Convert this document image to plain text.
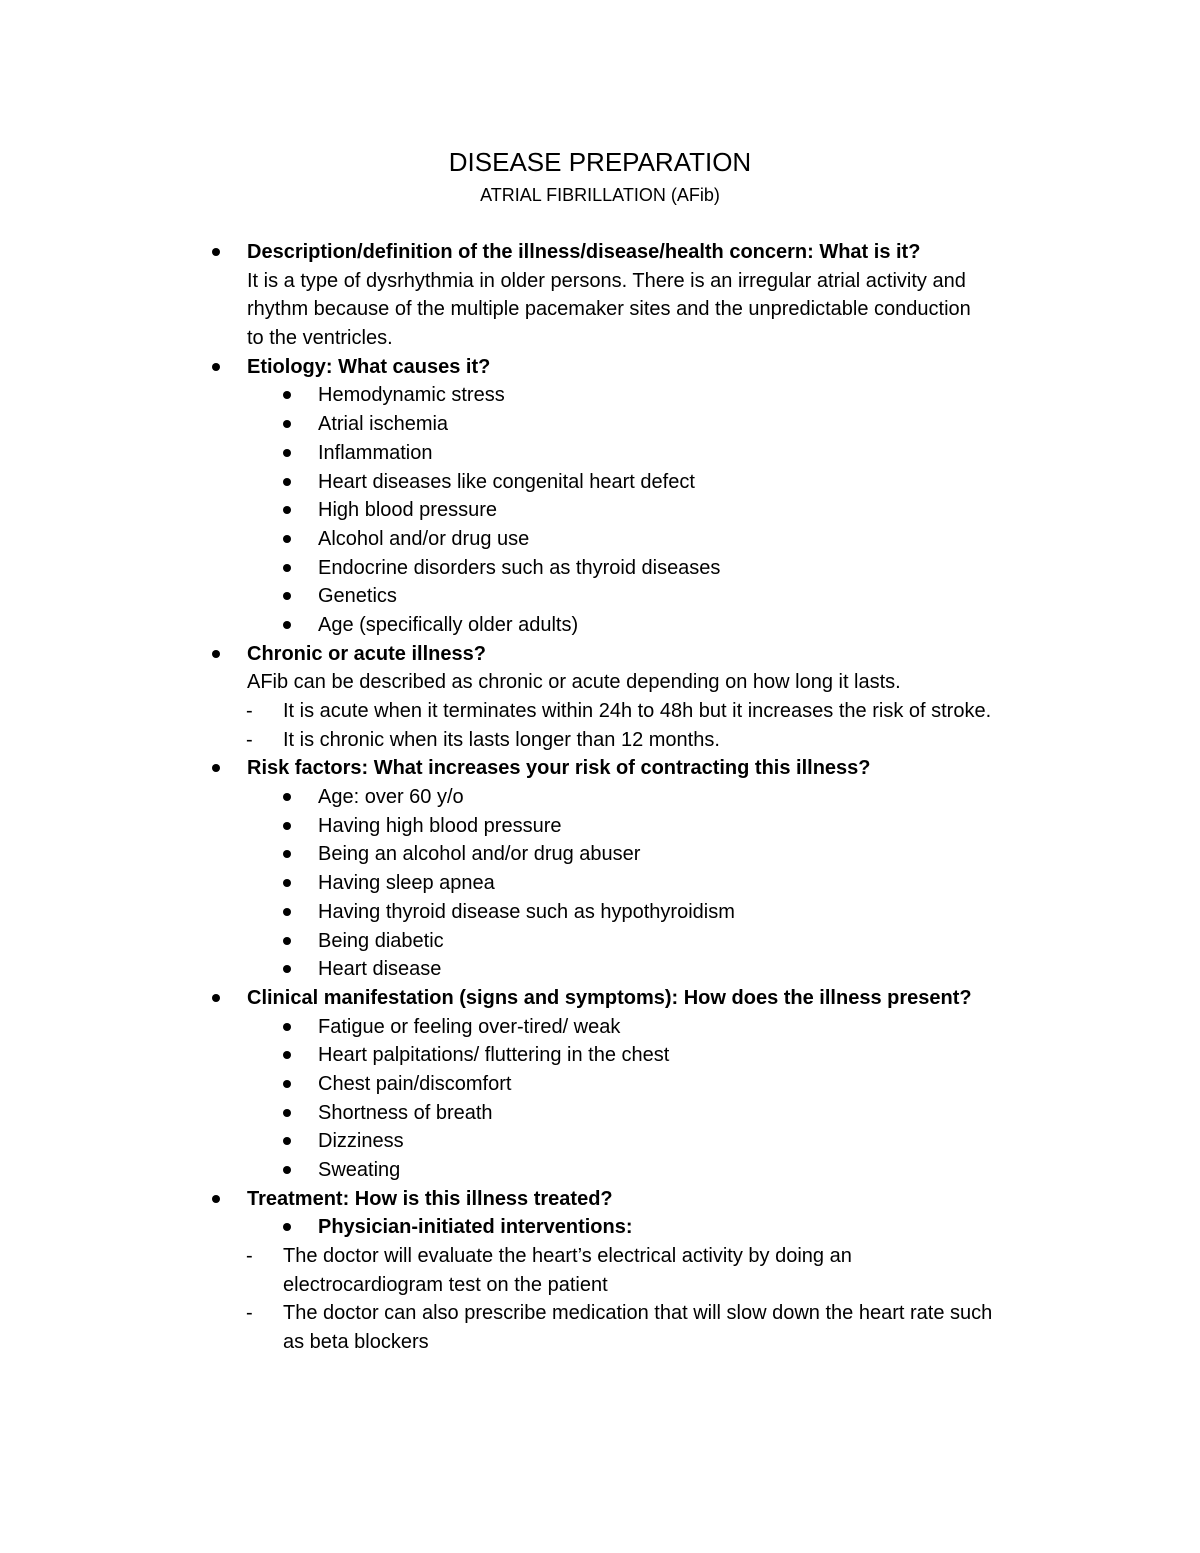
DISEASE PREPARATION
ATRIAL FIBRILLATION (AFib)
Description/definition of the illness/disease/health concern: What is it?
It is a type of dysrhythmia in older persons. There is an irregular atrial activity and
rhythm because of the multiple pacemaker sites and the unpredictable conduction
to the ventricles.
Etiology: What causes it?
Hemodynamic stress
Atrial ischemia
Inflammation
Heart diseases like congenital heart defect
High blood pressure
Alcohol and/or drug use
Endocrine disorders such as thyroid diseases
Genetics
Age (specifically older adults)
Chronic or acute illness?
AFib can be described as chronic or acute depending on how long it lasts.
- It is acute when it terminates within 24h to 48h but it increases the risk of stroke.
- It is chronic when its lasts longer than 12 months.
Risk factors: What increases your risk of contracting this illness?
Age: over 60 y/o
Having high blood pressure
Being an alcohol and/or drug abuser
Having sleep apnea
Having thyroid disease such as hypothyroidism
Being diabetic
Heart disease
Clinical manifestation (signs and symptoms): How does the illness present?
Fatigue or feeling over-tired/ weak
Heart palpitations/ fluttering in the chest
Chest pain/discomfort
Shortness of breath
Dizziness
Sweating
Treatment: How is this illness treated?
Physician-initiated interventions:
- The doctor will evaluate the heart’s electrical activity by doing an
electrocardiogram test on the patient
- The doctor can also prescribe medication that will slow down the heart rate such
as beta blockers
